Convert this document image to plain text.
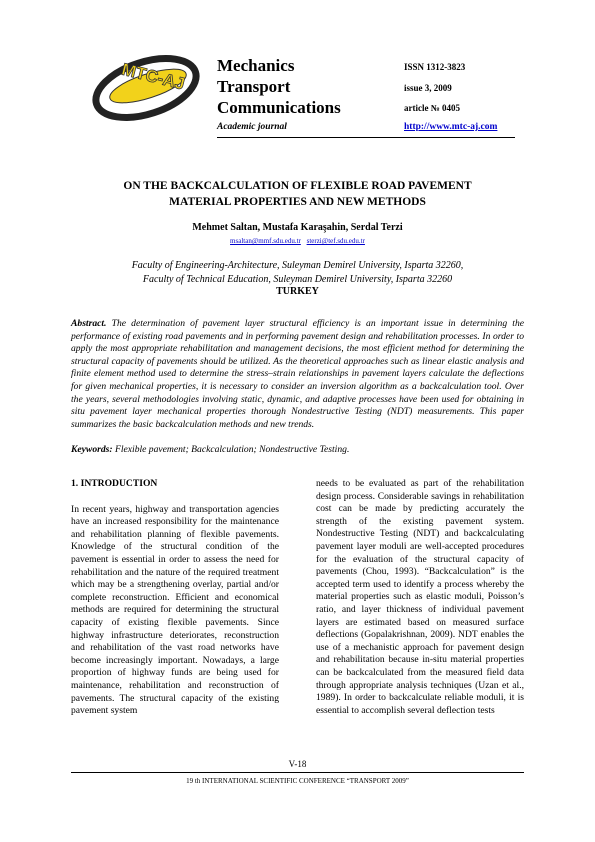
MTC-AJ Mechanics
Transport
Communications
ISSN 1312-3823
issue 3, 2009
article № 0405
Academic journal	http://www.mtc-aj.com
ON THE BACKCALCULATION OF FLEXIBLE ROAD PAVEMENT
MATERIAL PROPERTIES AND NEW METHODS
Mehmet Saltan, Mustafa Karaşahin, Serdal Terzi
msaltan@mmf.sdu.edu.tr sterzi@tef.sdu.edu.tr
Faculty of Engineering-Architecture, Suleyman Demirel University, Isparta 32260,
Faculty of Technical Education, Suleyman Demirel University, Isparta 32260
TURKEY
Abstract. The determination of pavement layer structural efficiency is an important issue in determining the performance of existing road pavements and in performing pavement design and rehabilitation processes. In order to apply the most appropriate rehabilitation and management decisions, the most efficient method for determining the structural capacity of pavements should be utilized. As the theoretical approaches such as linear elastic analysis and finite element method used to determine the stress–strain relationships in pavement layers calculate the deflections for given mechanical properties, it is necessary to consider an inversion algorithm as a backcalculation tool. Over the years, several methodologies involving static, dynamic, and adaptive processes have been used for obtaining in situ pavement layer mechanical properties thorough Nondestructive Testing (NDT) measurements. This paper summarizes the basic backcalculation methods and new trends.
Keywords: Flexible pavement; Backcalculation; Nondestructive Testing.
1. INTRODUCTION

In recent years, highway and transportation agencies have an increased responsibility for the maintenance and rehabilitation planning of flexible pavements. Knowledge of the structural condition of the pavement is essential in order to assess the need for rehabilitation and the nature of the required treatment which may be a strengthening overlay, partial and/or complete reconstruction. Efficient and economical methods are required for determining the structural capacity of existing flexible pavements. Since highway infrastructure deteriorates, reconstruction and rehabilitation of the vast road networks have become increasingly important. Nowadays, a large proportion of highway funds are being used for maintenance, rehabilitation and reconstruction of pavements. The structural capacity of the existing pavement system

needs to be evaluated as part of the rehabilitation design process. Considerable savings in rehabilitation cost can be made by predicting accurately the strength of the existing pavement system. Nondestructive Testing (NDT) and backcalculating pavement layer moduli are well-accepted procedures for the evaluation of the structural capacity of pavements (Chou, 1993). “Backcalculation” is the accepted term used to identify a process whereby the material properties such as elastic moduli, Poisson’s ratio, and layer thickness of individual pavement layers are estimated based on measured surface deflections (Gopalakrishnan, 2009). NDT enables the use of a mechanistic approach for pavement design and rehabilitation because in-situ material properties can be backcalculated from the measured field data through appropriate analysis techniques (Uzan et al., 1989). In order to backcalculate reliable moduli, it is essential to accomplish several deflection tests

V-18
19 th INTERNATIONAL SCIENTIFIC CONFERENCE “TRANSPORT 2009”
